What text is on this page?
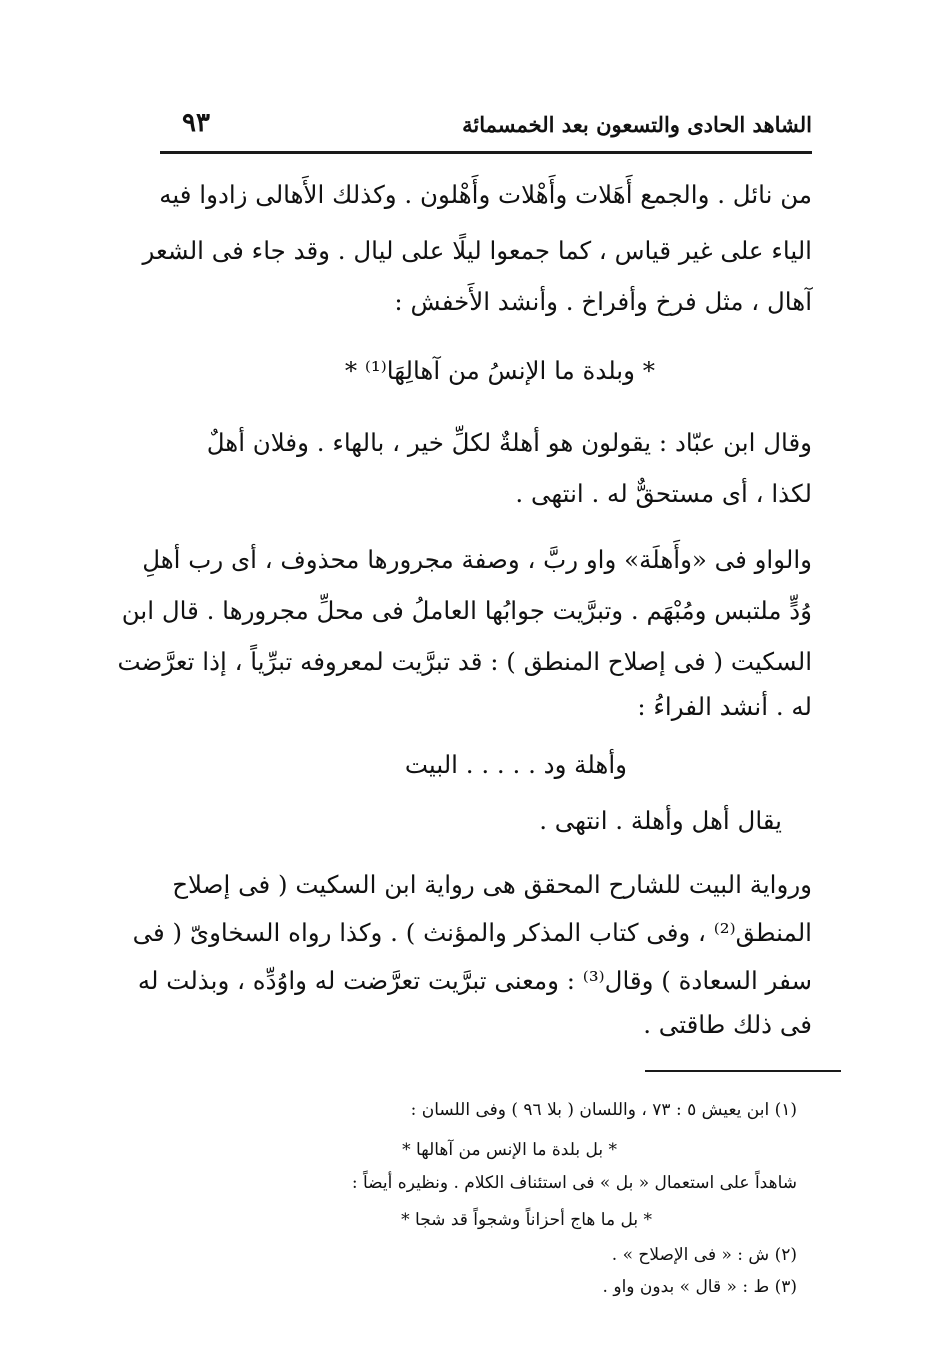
الشاهد الحادى والتسعون بعد الخمسمائة
٩٣
من نائل . والجمع أَهَلات وأَهْلات وأَهْلون . وكذلك الأَهالى زادوا فيه
الياء على غير قياس ، كما جمعوا ليلًا على ليال . وقد جاء فى الشعر
آهال ، مثل فرخ وأفراخ . وأنشد الأَخفش :
* وبلدة ما الإنسُ من آهالِهَا⁽¹⁾ *
وقال ابن عبّاد : يقولون هو أهلةٌ لكلِّ خير ، بالهاء . وفلان أهلٌ
لكذا ، أى مستحقٌّ له . انتهى .
والواو فى «وأَهلَة» واو ربَّ ، وصفة مجرورها محذوف ، أى رب أهلِ
وُدٍّ ملتبس ومُبْهَم . وتبرَّيت جوابُها العاملُ فى محلِّ مجرورها . قال ابن
السكيت ( فى إصلاح المنطق ) : قد تبرَّيت لمعروفه تبرِّياً ، إذا تعرَّضت
له . أنشد الفراءُ :
وأهلة ود . . . . . البيت
يقال أهل وأهلة . انتهى .
ورواية البيت للشارح المحقق هى رواية ابن السكيت ( فى إصلاح
المنطق⁽²⁾ ، وفى كتاب المذكر والمؤنث ) . وكذا رواه السخاوىّ ( فى
سفر السعادة ) وقال⁽³⁾ : ومعنى تبرَّيت تعرَّضت له واوُدِّه ، وبذلت له
فى ذلك طاقتى .
(١) ابن يعيش ٥ : ٧٣ ، واللسان ( بلا ٩٦ ) وفى اللسان :
* بل بلدة ما الإنس من آهالها *
شاهداً على استعمال « بل » فى استئناف الكلام . ونظيره أيضاً :
* بل ما هاج أحزاناً وشجواً قد شجا *
(٢) ش : « فى الإصلاح » .
(٣) ط : « قال » بدون واو .
